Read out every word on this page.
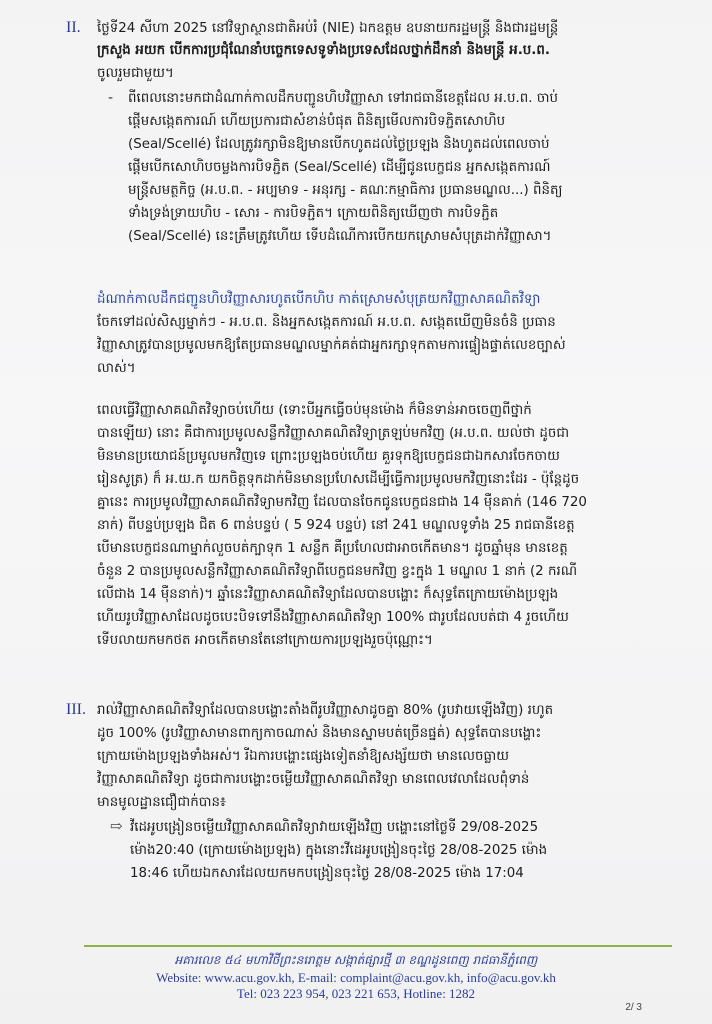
II. ថ្ងៃទី24 សីហា 2025 នៅវិទ្យាស្ថានជាតិអប់រំ (NIE) ឯកឧត្តម ឧបនាយករដ្ឋមន្ត្រី និងជារដ្ឋមន្ត្រី
ក្រសួង អយក បើកការប្រជុំណែនាំបច្ចេកទេសទូទាំងប្រទេសដែលថ្នាក់ដឹកនាំ និងមន្ត្រី អ.ប.ព.
ចូលរួមជាមួយ។
- ពីពេលនោះមកជាដំណាក់កាលដឹកបញ្ជូនហិបវិញ្ញាសា ទៅរាជធានីខេត្តដែល អ.ប.ព. ចាប់
ផ្តើមសង្កេតការណ៍ ហើយប្រការជាសំខាន់បំផុត ពិនិត្យមើលការបិទភ្ជិតសោហិប
(Seal/Scellé) ដែលត្រូវរក្សាមិនឱ្យមានបើកហូតដល់ថ្ងៃប្រឡង និងហូតដល់ពេលចាប់
ផ្តើមបើកសោហិបចម្លងការបិទភ្ជិត (Seal/Scellé) ដើម្បីជូនបេក្ខជន អ្នកសង្កេតការណ៍
មន្ត្រីសមត្ថកិច្ច (អ.ប.ព. - អប្បមាទ - អនុរក្ស - គណៈកម្មាធិការ ប្រធានមណ្ឌល...) ពិនិត្យ
ទាំងទ្រង់ទ្រាយហិប - សោរ - ការបិទភ្ជិត។ ក្រោយពិនិត្យឃើញថា ការបិទភ្ជិត
(Seal/Scellé) នេះត្រឹមត្រូវហើយ ទើបដំណើការបើកយកស្រោមសំបុត្រដាក់វិញ្ញាសា។
ដំណាក់កាលដឹកជញ្ជូនហិបវិញ្ញាសារហូតបើកហិប កាត់ស្រោមសំបុត្រយកវិញ្ញាសាគណិតវិទ្យា
ចែកទៅដល់សិស្សម្នាក់ៗ - អ.ប.ព. និងអ្នកសង្កេតការណ៍ អ.ប.ព. សង្កេតឃើញមិនចំនិ ប្រធាន
វិញ្ញាសាត្រូវបានប្រមូលមកឱ្យតែប្រធានមណ្ឌលម្នាក់គត់ជាអ្នករក្សាទុកតាមការផ្ទៀងផ្ទាត់លេខច្បាស់
លាស់។
ពេលធ្វើវិញ្ញាសាគណិតវិទ្យាចប់ហើយ (ទោះបីអ្នកធ្វើចប់មុនម៉ោង ក៏មិនទាន់អាចចេញពីថ្នាក់
បានឡើយ) នោះ គឺជាការប្រមូលសន្លឹកវិញ្ញាសាគណិតវិទ្យាត្រឡប់មកវិញ (អ.ប.ព. យល់ថា ដូចជា
មិនមានប្រយោជន៍ប្រមូលមកវិញទេ ព្រោះប្រឡងចប់ហើយ គួរទុកឱ្យបេក្ខជនជាឯកសារចែកចាយ
រៀនសូត្រ) ក៏ អ.យ.ក យកចិត្តទុកដាក់មិនមានប្រហែសដើម្បីធ្វើការប្រមូលមកវិញនោះដែរ - ប៉ុន្តែដូច
គ្នានេះ ការប្រមូលវិញ្ញាសាគណិតវិទ្យាមកវិញ ដែលបានចែកជូនបេក្ខជនជាង 14 ម៉ឺនគាក់ (146 720
នាក់) ពីបន្ទប់ប្រឡង ជិត 6 ពាន់បន្ទប់ ( 5 924 បន្ទប់) នៅ 241 មណ្ឌលទូទាំង 25 រាជធានីខេត្ត
បើមានបេក្ខជនណាម្នាក់លួចបត់ក្បាទុក 1 សន្លឹក គឺប្រហែលជាអាចកើតមាន។ ដូចឆ្នាំមុន មានខេត្ត
ចំនួន 2 បានប្រមូលសន្លឹកវិញ្ញាសាគណិតវិទ្យាពីបេក្ខជនមកវិញ ខ្វះក្នុង 1 មណ្ឌល 1 នាក់ (2 ករណី
លើជាង 14 ម៉ឺននាក់)។ ឆ្នាំនេះវិញ្ញាសាគណិតវិទ្យាដែលបានបង្ហោះ ក៏សុទ្ធតែក្រោយម៉ោងប្រឡង
ហើយរូបវិញ្ញាសាដែលដូចបេះបិទទៅនឹងវិញ្ញាសាគណិតវិទ្យា 100% ជារូបដែលបត់ជា 4 រួចហើយ
ទើបលាយកមកថត អាចកើតមានតែនៅក្រោយការប្រឡងរួចប៉ុណ្ណោះ។
III. រាល់វិញ្ញាសាគណិតវិទ្យាដែលបានបង្ហោះតាំងពីរូបវិញ្ញាសាដូចគ្នា 80% (រូបវាយឡើងវិញ) រហូត
ដូច 100% (រូបវិញ្ញាសាមានពាក្យកាចណាស់ និងមានស្នាមបត់ច្រើនផ្នត់) សុទ្ធតែបានបង្ហោះ
ក្រោយម៉ោងប្រឡងទាំងអស់។ រីឯការបង្ហោះផ្សេងទៀតនាំឱ្យសង្ស័យថា មានលេចធ្លាយ
វិញ្ញាសាគណិតវិទ្យា ដូចជាការបង្ហោះចម្លើយវិញ្ញាសាគណិតវិទ្យា មានពេលវេលាដែលពុំទាន់
មានមូលដ្ឋានជឿជាក់បាន៖
⇨ វីដេអូបង្រៀនចម្លើយវិញ្ញាសាគណិតវិទ្យាវាយឡើងវិញ បង្ហោះនៅថ្ងៃទី 29/08-2025
ម៉ោង20:40 (ក្រោយម៉ោងប្រឡង) ក្នុងនោះវីដេអូបង្រៀនចុះថ្ងៃ 28/08-2025 ម៉ោង
18:46 ហើយឯកសារដែលយកមកបង្រៀនចុះថ្ងៃ 28/08-2025 ម៉ោង 17:04
អគារលេខ ៥៤ មហាវិថីព្រះនរោត្តម សង្កាត់ផ្សារថ្មី ៣ ខណ្ឌដូនពេញ រាជធានីភ្នំពេញ
Website: www.acu.gov.kh, E-mail: complaint@acu.gov.kh, info@acu.gov.kh
Tel: 023 223 954, 023 221 653, Hotline: 1282
2/ 3
